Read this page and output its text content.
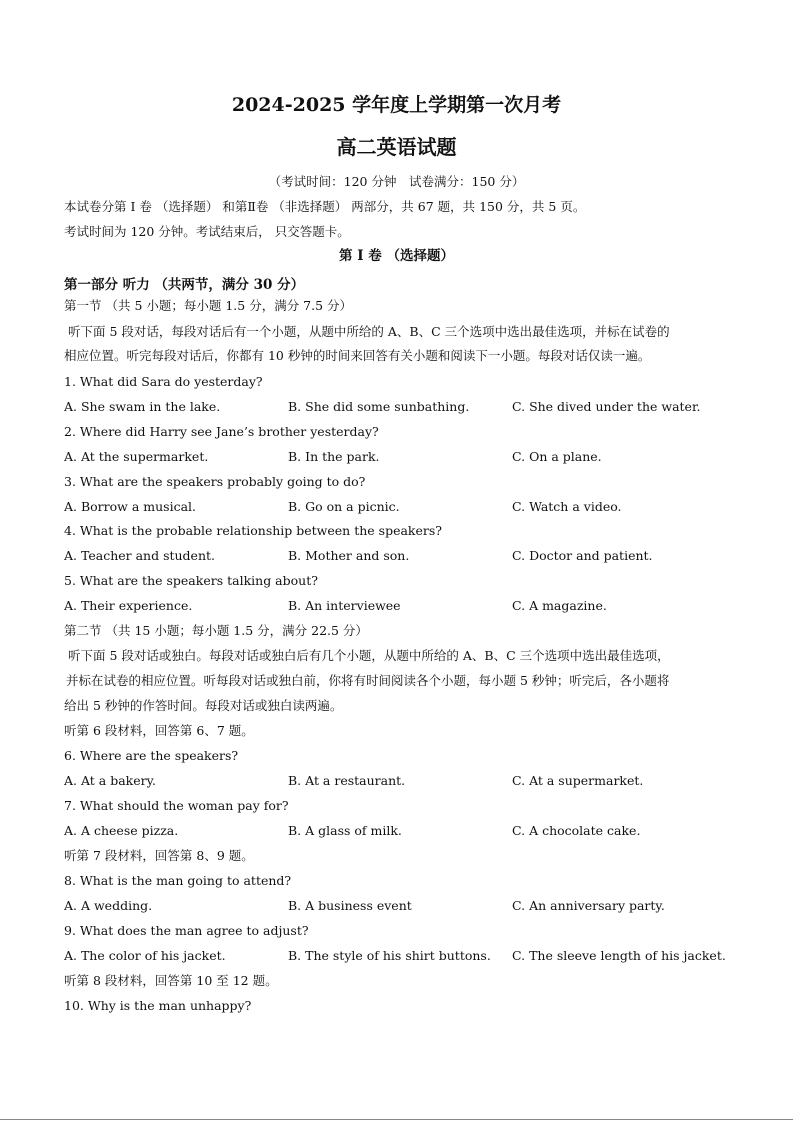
2024-2025 学年度上学期第一次月考
高二英语试题
（考试时间：120 分钟　试卷满分：150 分）
本试卷分第 I 卷 （选择题） 和第Ⅱ卷 （非选择题） 两部分，共 67 题，共 150 分，共 5 页。
考试时间为 120 分钟。考试结束后， 只交答题卡。
第 I 卷 （选择题）
第一部分 听力 （共两节，满分 30 分）
第一节 （共 5 小题；每小题 1.5 分，满分 7.5 分）
听下面 5 段对话，每段对话后有一个小题，从题中所给的 A、B、C 三个选项中选出最佳选项，并标在试卷的
相应位置。听完每段对话后，你都有 10 秒钟的时间来回答有关小题和阅读下一小题。每段对话仅读一遍。
1. What did Sara do yesterday?
A. She swam in the lake.	B. She did some sunbathing.	C. She dived under the water.
2. Where did Harry see Jane’s brother yesterday?
A. At the supermarket.	B. In the park.	C. On a plane.
3. What are the speakers probably going to do?
A. Borrow a musical.	B. Go on a picnic.	C. Watch a video.
4. What is the probable relationship between the speakers?
A. Teacher and student.	B. Mother and son.	C. Doctor and patient.
5. What are the speakers talking about?
A. Their experience.	B. An interviewee	C. A magazine.
第二节 （共 15 小题；每小题 1.5 分，满分 22.5 分）
听下面 5 段对话或独白。每段对话或独白后有几个小题，从题中所给的 A、B、C 三个选项中选出最佳选项，
并标在试卷的相应位置。听每段对话或独白前，你将有时间阅读各个小题，每小题 5 秒钟；听完后，各小题将
给出 5 秒钟的作答时间。每段对话或独白读两遍。
听第 6 段材料，回答第 6、7 题。
6. Where are the speakers?
A. At a bakery.	B. At a restaurant.	C. At a supermarket.
7. What should the woman pay for?
A. A cheese pizza.	B. A glass of milk.	C. A chocolate cake.
听第 7 段材料，回答第 8、9 题。
8. What is the man going to attend?
A. A wedding.	B. A business event	C. An anniversary party.
9. What does the man agree to adjust?
A. The color of his jacket.	B. The style of his shirt buttons. C. The sleeve length of his jacket.
听第 8 段材料，回答第 10 至 12 题。
10. Why is the man unhappy?
